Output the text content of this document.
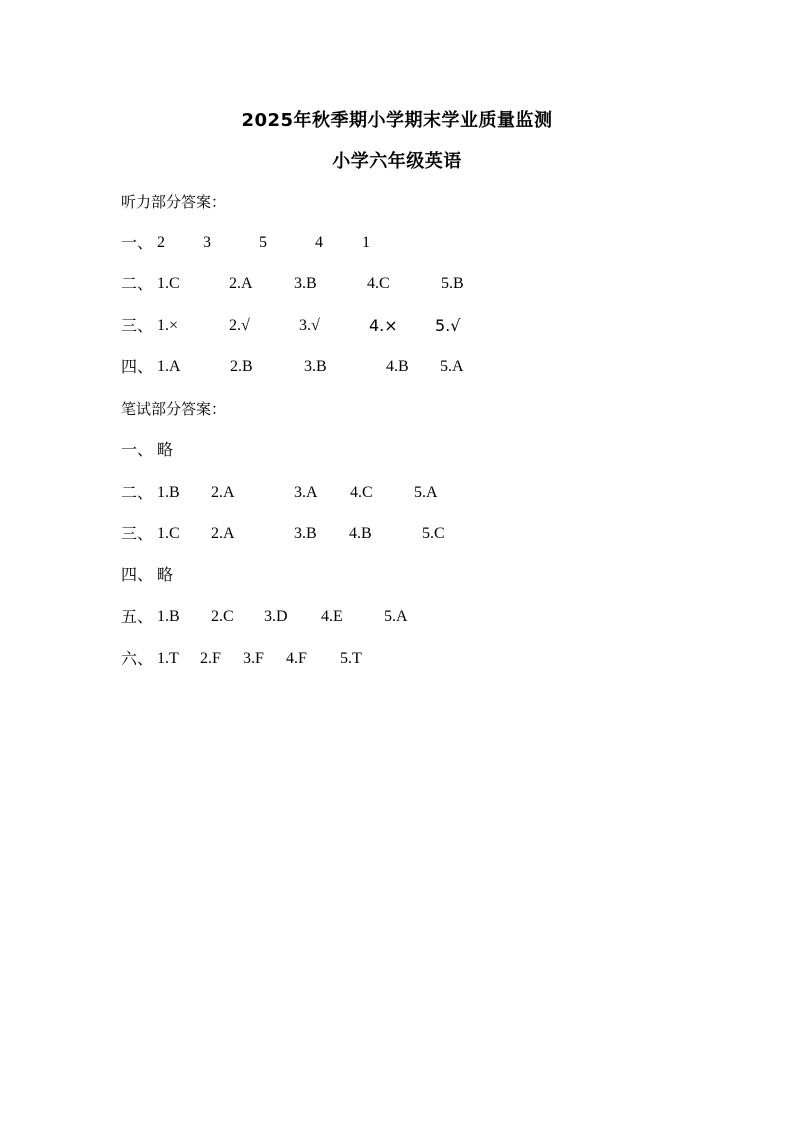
2025年秋季期小学期末学业质量监测
小学六年级英语
听力部分答案：
一、 2 3	5	4 1
二、 1.C	2.A	3.B	4.C	5.B
三、 1.×	2.√	3.√	4.× 5.√
四、 1.A	2.B	3.B	4.B 5.A
笔试部分答案：
一、 略
二、 1.B 2.A	3.A 4.C	5.A
三、 1.C 2.A	3.B 4.B	5.C
四、 略
五、 1.B 2.C 3.D 4.E	5.A
六、 1.T 2.F 3.F 4.F 5.T
